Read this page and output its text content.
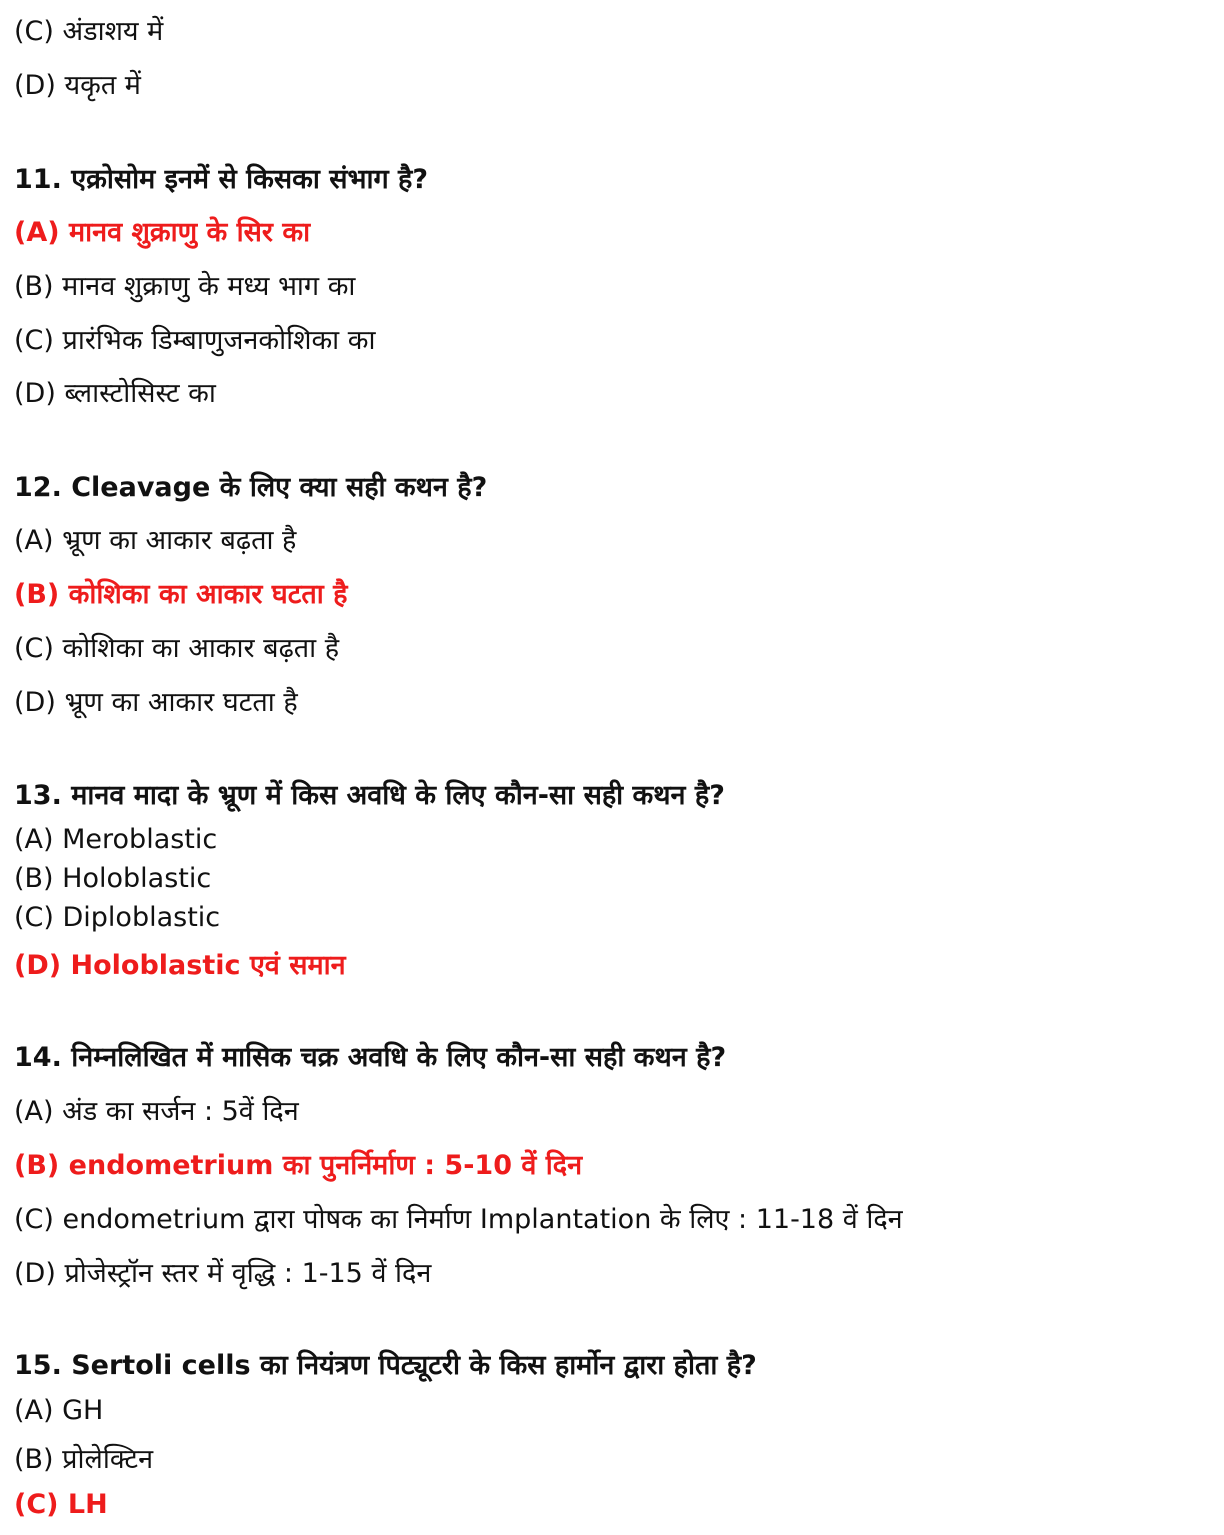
(C) अंडाशय में
(D) यकृत में
11. एक्रोसोम इनमें से किसका संभाग है?
(A) मानव शुक्राणु के सिर का
(B) मानव शुक्राणु के मध्य भाग का
(C) प्रारंभिक डिम्बाणुजनकोशिका का
(D) ब्लास्टोसिस्ट का
12. Cleavage के लिए क्या सही कथन है?
(A) भ्रूण का आकार बढ़ता है
(B) कोशिका का आकार घटता है
(C) कोशिका का आकार बढ़ता है
(D) भ्रूण का आकार घटता है
13. मानव मादा के भ्रूण में किस अवधि के लिए कौन-सा सही कथन है?
(A) Meroblastic
(B) Holoblastic
(C) Diploblastic
(D) Holoblastic एवं समान
14. निम्नलिखित में मासिक चक्र अवधि के लिए कौन-सा सही कथन है?
(A) अंड का सर्जन : 5वें दिन
(B) endometrium का पुनर्निर्माण : 5-10 वें दिन
(C) endometrium द्वारा पोषक का निर्माण Implantation के लिए : 11-18 वें दिन
(D) प्रोजेस्ट्रॉन स्तर में वृद्धि : 1-15 वें दिन
15. Sertoli cells का नियंत्रण पिट्यूटरी के किस हार्मोन द्वारा होता है?
(A) GH
(B) प्रोलेक्टिन
(C) LH
